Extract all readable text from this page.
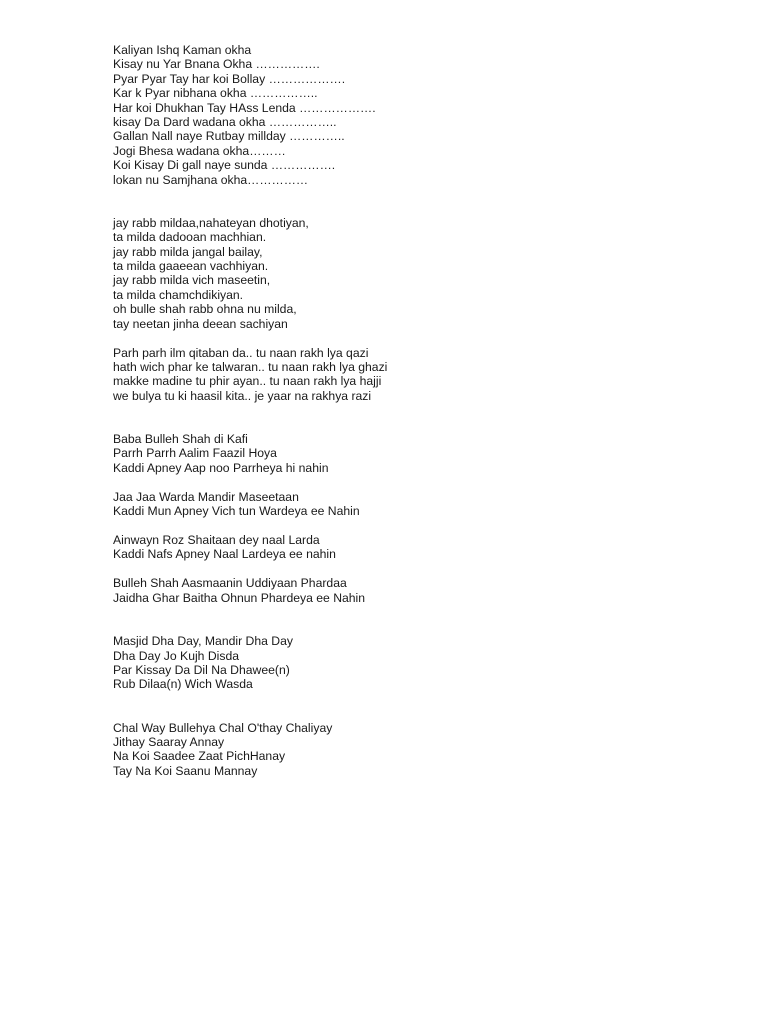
Kaliyan Ishq Kaman okha
Kisay nu Yar Bnana Okha …………….
Pyar Pyar Tay har koi Bollay ……………….
Kar k Pyar nibhana okha ……………..
Har koi Dhukhan Tay HAss Lenda ……………….
kisay Da Dard wadana okha ……………..
Gallan Nall naye Rutbay millday …………..
Jogi Bhesa wadana okha………
Koi Kisay Di gall naye sunda …………….
lokan nu Samjhana okha……………
jay rabb mildaa,nahateyan dhotiyan,
ta milda dadooan machhian.
jay rabb milda jangal bailay,
ta milda gaaeean vachhiyan.
jay rabb milda vich maseetin,
ta milda chamchdikiyan.
oh bulle shah rabb ohna nu milda,
tay neetan jinha deean sachiyan
Parh parh ilm qitaban da.. tu naan rakh lya qazi
hath wich phar ke talwaran.. tu naan rakh lya ghazi
makke madine tu phir ayan.. tu naan rakh lya hajji
we bulya tu ki haasil kita.. je yaar na rakhya razi
Baba Bulleh Shah di Kafi
Parrh Parrh Aalim Faazil Hoya
Kaddi Apney Aap noo Parrheya hi nahin
Jaa Jaa Warda Mandir Maseetaan
Kaddi Mun Apney Vich tun Wardeya ee Nahin
Ainwayn Roz Shaitaan dey naal Larda
Kaddi Nafs Apney Naal Lardeya ee nahin
Bulleh Shah Aasmaanin Uddiyaan Phardaa
Jaidha Ghar Baitha Ohnun Phardeya ee Nahin
Masjid Dha Day, Mandir Dha Day
Dha Day Jo Kujh Disda
Par Kissay Da Dil Na Dhawee(n)
Rub Dilaa(n) Wich Wasda
Chal Way Bullehya Chal O'thay Chaliyay
Jithay Saaray Annay
Na Koi Saadee Zaat PichHanay
Tay Na Koi Saanu Mannay
